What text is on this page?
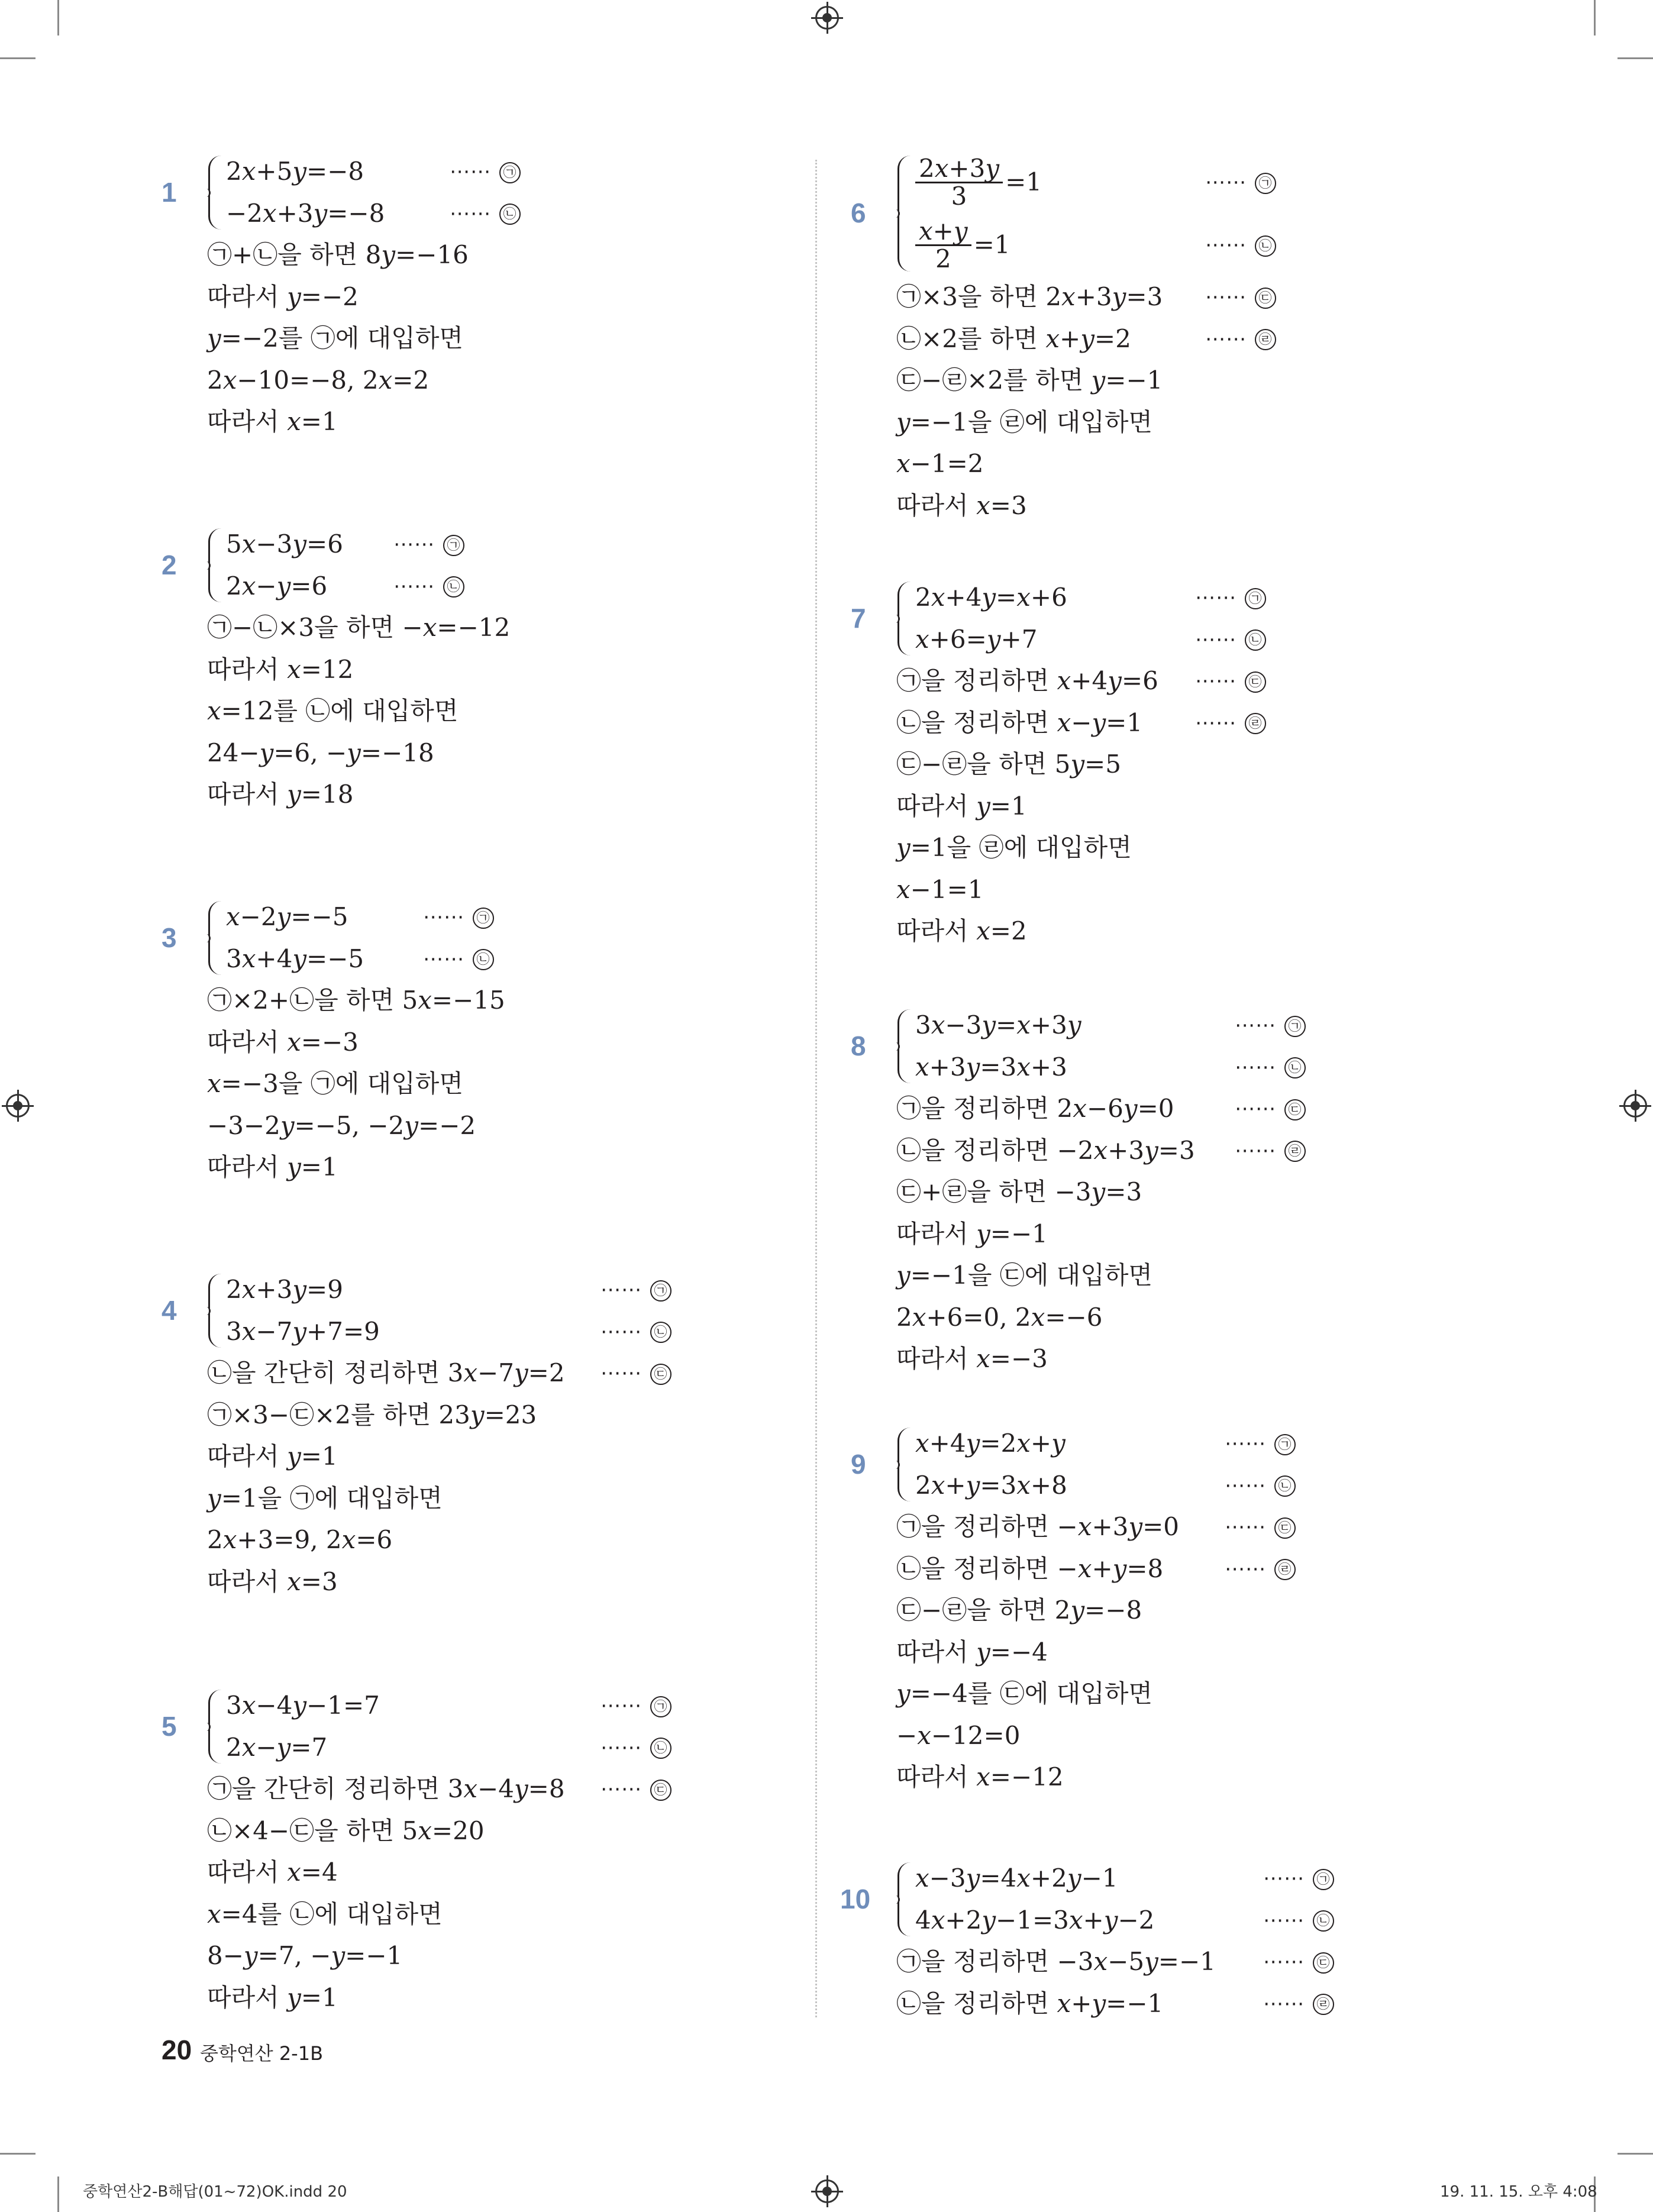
2𝑥+5𝑦=−8	⋯⋯ ㉠
−2𝑥+3𝑦=−8	⋯⋯ ㉡
1
㉠+㉡을 하면 8𝑦=−16
따라서 𝑦=−2
𝑦=−2를 ㉠에 대입하면
2𝑥−10=−8, 2𝑥=2
따라서 𝑥=1
5𝑥−3𝑦=6	⋯⋯ ㉠
2𝑥−𝑦=6	⋯⋯ ㉡
2
㉠−㉡×3을 하면 −𝑥=−12
따라서 𝑥=12
𝑥=12를 ㉡에 대입하면
24−𝑦=6, −𝑦=−18
따라서 𝑦=18
𝑥−2𝑦=−5	⋯⋯ ㉠
3𝑥+4𝑦=−5	⋯⋯ ㉡
3
㉠×2+㉡을 하면 5𝑥=−15
따라서 𝑥=−3
𝑥=−3을 ㉠에 대입하면
−3−2𝑦=−5, −2𝑦=−2
따라서 𝑦=1
2𝑥+3𝑦=9	⋯⋯ ㉠
3𝑥−7𝑦+7=9	⋯⋯ ㉡
4
㉡을 간단히 정리하면 3𝑥−7𝑦=2 ⋯⋯ ㉢
㉠×3−㉢×2를 하면 23𝑦=23
따라서 𝑦=1
𝑦=1을 ㉠에 대입하면
2𝑥+3=9, 2𝑥=6
따라서 𝑥=3
3𝑥−4𝑦−1=7	⋯⋯ ㉠
2𝑥−𝑦=7	⋯⋯ ㉡
5
㉠을 간단히 정리하면 3𝑥−4𝑦=8 ⋯⋯ ㉢
㉡×4−㉢을 하면 5𝑥=20
따라서 𝑥=4
𝑥=4를 ㉡에 대입하면
8−𝑦=7, −𝑦=−1
따라서 𝑦=1
$\frac{\text{2𝑥+3𝑦}}{3} =1$	⋯⋯ ㉠
$\frac{\text{𝑥+𝑦}}{2} =1$	⋯⋯ ㉡
6
㉠×3을 하면 2𝑥+3𝑦=3 ⋯⋯ ㉢
㉡×2를 하면 𝑥+𝑦=2	⋯⋯ ㉣
㉢−㉣×2를 하면 𝑦=−1
𝑦=−1을 ㉣에 대입하면
𝑥−1=2
따라서 𝑥=3
2𝑥+4𝑦=𝑥+6	⋯⋯ ㉠
𝑥+6=𝑦+7	⋯⋯ ㉡
7
㉠을 정리하면 𝑥+4𝑦=6 ⋯⋯ ㉢
㉡을 정리하면 𝑥−𝑦=1	⋯⋯ ㉣
㉢−㉣을 하면 5𝑦=5
따라서 𝑦=1
𝑦=1을 ㉣에 대입하면
𝑥−1=1
따라서 𝑥=2
3𝑥−3𝑦=𝑥+3𝑦	⋯⋯ ㉠
𝑥+3𝑦=3𝑥+3	⋯⋯ ㉡
8
㉠을 정리하면 2𝑥−6𝑦=0	⋯⋯ ㉢
㉡을 정리하면 −2𝑥+3𝑦=3 ⋯⋯ ㉣
㉢+㉣을 하면 −3𝑦=3
따라서 𝑦=−1
𝑦=−1을 ㉢에 대입하면
2𝑥+6=0, 2𝑥=−6
따라서 𝑥=−3
𝑥+4𝑦=2𝑥+𝑦	⋯⋯ ㉠
2𝑥+𝑦=3𝑥+8	⋯⋯ ㉡
9
㉠을 정리하면 −𝑥+3𝑦=0 ⋯⋯ ㉢
㉡을 정리하면 −𝑥+𝑦=8	⋯⋯ ㉣
㉢−㉣을 하면 2𝑦=−8
따라서 𝑦=−4
𝑦=−4를 ㉢에 대입하면
−𝑥−12=0
따라서 𝑥=−12
𝑥−3𝑦=4𝑥+2𝑦−1	⋯⋯ ㉠
4𝑥+2𝑦−1=3𝑥+𝑦−2	⋯⋯ ㉡
10
㉠을 정리하면 −3𝑥−5𝑦=−1 ⋯⋯ ㉢
㉡을 정리하면 𝑥+𝑦=−1	⋯⋯ ㉣
20 중학연산 2-1B
중학연산2-B해답(01~72)OK.indd 20	19. 11. 15. 오후 4:08
